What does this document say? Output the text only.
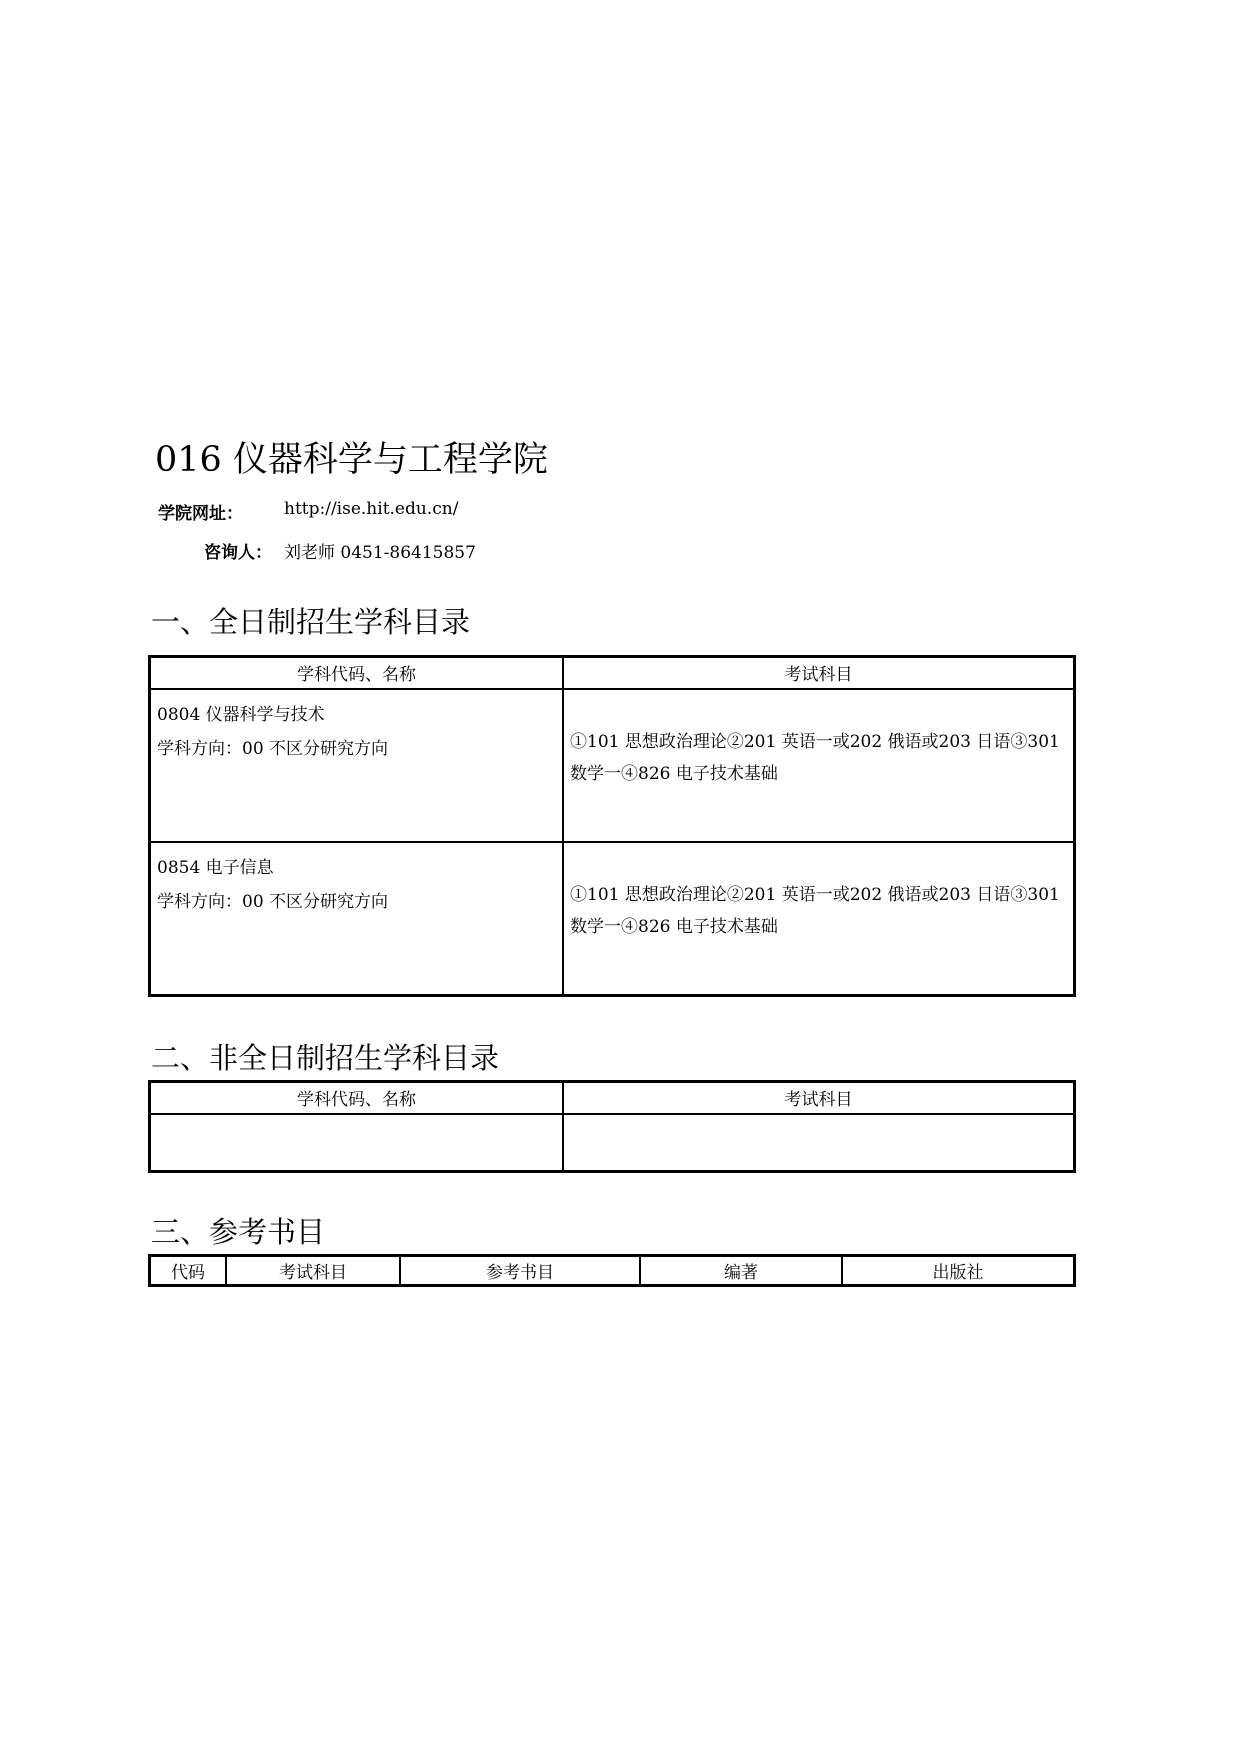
016 仪器科学与工程学院
学院网址： http://ise.hit.edu.cn/
咨询人： 刘老师 0451-86415857
一、全日制招生学科目录
学科代码、名称	考试科目

0804 仪器科学与技术
学科方向：00 不区分研究方向	①101 思想政治理论②201 英语一或202 俄语或203 日语③301 数学一④826 电子技术基础

0854 电子信息
学科方向：00 不区分研究方向	①101 思想政治理论②201 英语一或202 俄语或203 日语③301 数学一④826 电子技术基础
二、非全日制招生学科目录
学科代码、名称	考试科目

三、参考书目
代码	考试科目	参考书目	编著	出版社
